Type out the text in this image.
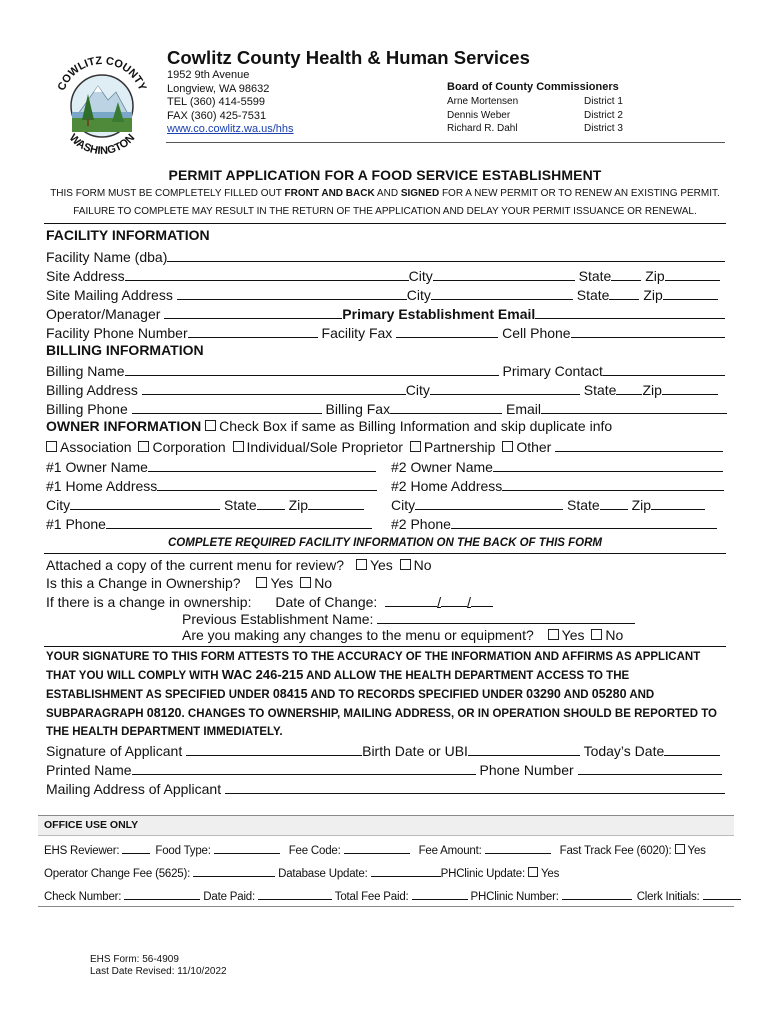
COWLITZ COUNTY
WASHINGTON
Cowlitz County Health & Human Services
1952 9th Avenue
Longview, WA 98632
TEL (360) 414-5599
FAX (360) 425-7531
www.co.cowlitz.wa.us/hhs
Board of County Commissioners
Arne Mortensen	District 1
Dennis Weber	District 2
Richard R. Dahl	District 3
PERMIT APPLICATION FOR A FOOD SERVICE ESTABLISHMENT
THIS FORM MUST BE COMPLETELY FILLED OUT FRONT AND BACK AND SIGNED FOR A NEW PERMIT OR TO RENEW AN EXISTING PERMIT.
FAILURE TO COMPLETE MAY RESULT IN THE RETURN OF THE APPLICATION AND DELAY YOUR PERMIT ISSUANCE OR RENEWAL.
FACILITY INFORMATION
Facility Name (dba)
Site Address	City	State Zip
Site Mailing Address	City	State Zip
Operator/Manager	Primary Establishment Email
Facility Phone Number	Facility Fax	Cell Phone
BILLING INFORMATION
Billing Name	Primary Contact
Billing Address	City	State Zip
Billing Phone	Billing Fax	Email
OWNER INFORMATION Check Box if same as Billing Information and skip duplicate info
Association Corporation Individual/Sole Proprietor Partnership Other
#1 Owner Name	#2 Owner Name
#1 Home Address	#2 Home Address
City	State Zip	City	State Zip
#1 Phone	#2 Phone
COMPLETE REQUIRED FACILITY INFORMATION ON THE BACK OF THIS FORM
Attached a copy of the current menu for review? Yes No
Is this a Change in Ownership? Yes No
If there is a change in ownership: Date of Change:	/ /
Previous Establishment Name:
Are you making any changes to the menu or equipment? Yes No
YOUR SIGNATURE TO THIS FORM ATTESTS TO THE ACCURACY OF THE INFORMATION AND AFFIRMS AS APPLICANT
THAT YOU WILL COMPLY WITH WAC 246-215 AND ALLOW THE HEALTH DEPARTMENT ACCESS TO THE
ESTABLISHMENT AS SPECIFIED UNDER 08415 AND TO RECORDS SPECIFIED UNDER 03290 AND 05280 AND
SUBPARAGRAPH 08120. CHANGES TO OWNERSHIP, MAILING ADDRESS, OR IN OPERATION SHOULD BE REPORTED TO
THE HEALTH DEPARTMENT IMMEDIATELY.
Signature of Applicant	Birth Date or UBI	Today’s Date
Printed Name	Phone Number
Mailing Address of Applicant
OFFICE USE ONLY
EHS Reviewer:	Food Type:	Fee Code:	Fee Amount:	Fast Track Fee (6020): Yes
Operator Change Fee (5625):	Database Update:	PHClinic Update: Yes
Check Number:	Date Paid:	Total Fee Paid:	PHClinic Number:	Clerk Initials:
EHS Form: 56-4909
Last Date Revised: 11/10/2022
